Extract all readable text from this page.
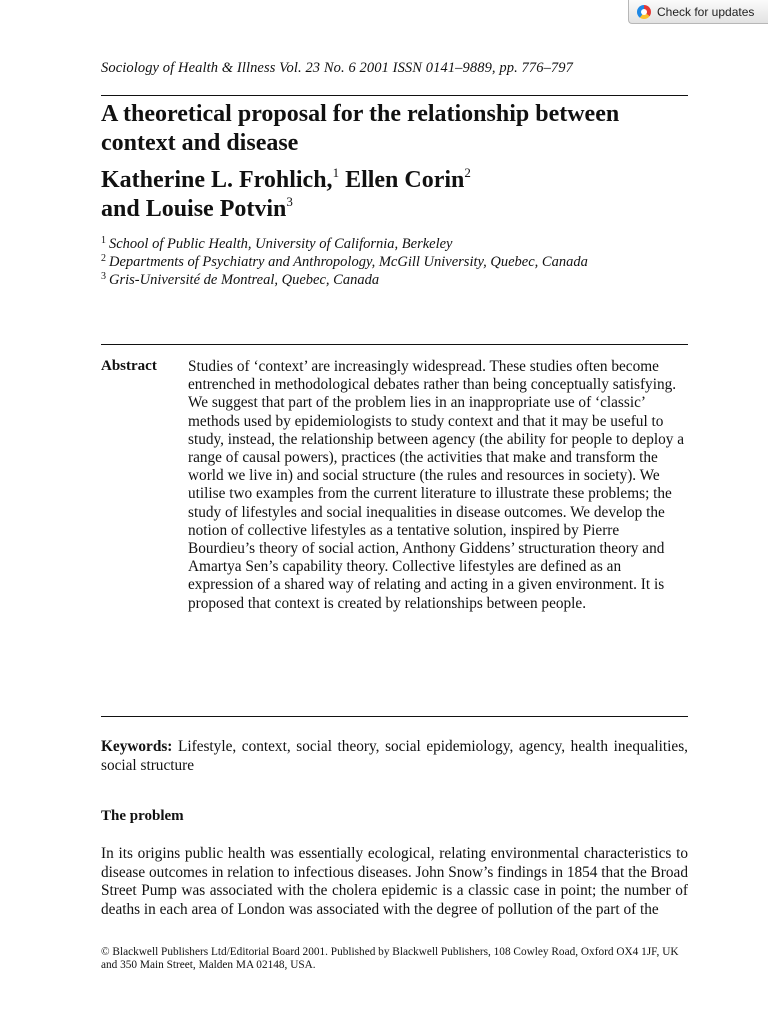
Check for updates
Sociology of Health & Illness Vol. 23 No. 6 2001 ISSN 0141–9889, pp. 776–797
A theoretical proposal for the relationship between context and disease
Katherine L. Frohlich,$^1$ Ellen Corin$^2$
and Louise Potvin$^3$
$^1$ School of Public Health, University of California, Berkeley
$^2$ Departments of Psychiatry and Anthropology, McGill University, Quebec, Canada
$^3$ Gris-Université de Montreal, Quebec, Canada
Abstract Studies of ‘context’ are increasingly widespread. These studies often become entrenched in methodological debates rather than being conceptually satisfying. We suggest that part of the problem lies in an inappropriate use of ‘classic’ methods used by epidemiologists to study context and that it may be useful to study, instead, the relationship between agency (the ability for people to deploy a range of causal powers), practices (the activities that make and transform the world we live in) and social structure (the rules and resources in society). We utilise two examples from the current literature to illustrate these problems; the study of lifestyles and social inequalities in disease outcomes. We develop the notion of collective lifestyles as a tentative solution, inspired by Pierre Bourdieu’s theory of social action, Anthony Giddens’ structuration theory and Amartya Sen’s capability theory. Collective lifestyles are defined as an expression of a shared way of relating and acting in a given environment. It is proposed that context is created by relationships between people.
Keywords: Lifestyle, context, social theory, social epidemiology, agency, health inequalities, social structure
The problem
In its origins public health was essentially ecological, relating environmental characteristics to disease outcomes in relation to infectious diseases. John Snow’s findings in 1854 that the Broad Street Pump was associated with the cholera epidemic is a classic case in point; the number of deaths in each area of London was associated with the degree of pollution of the part of the
© Blackwell Publishers Ltd/Editorial Board 2001. Published by Blackwell Publishers, 108 Cowley Road, Oxford OX4 1JF, UK and 350 Main Street, Malden MA 02148, USA.
